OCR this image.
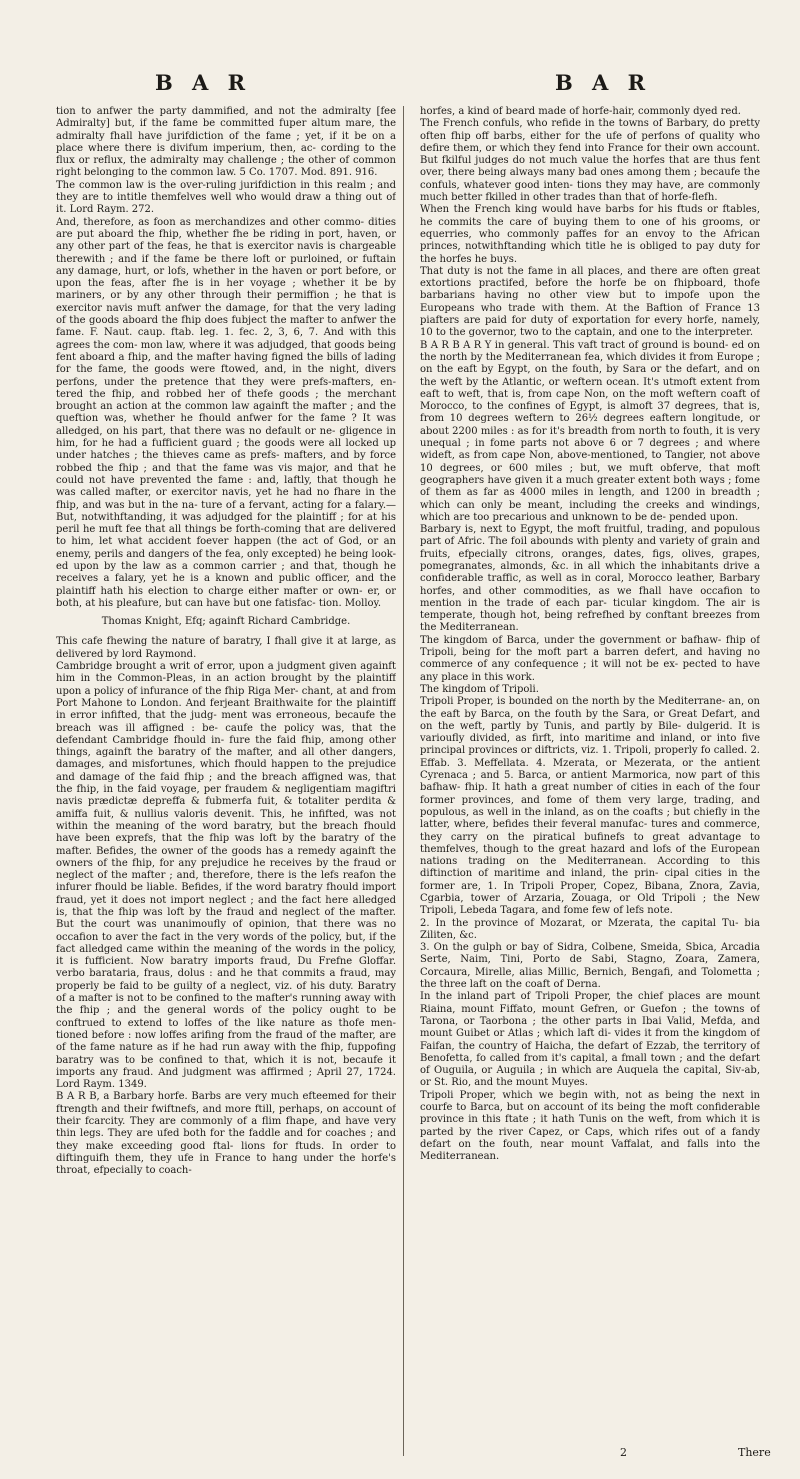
B A R	B A R

tion to anfwer the party dammified, and not the admiralty [fee Admiralty] but, if the fame be committed fuper altum mare, the admiralty fhall have jurifdiction of the fame ; yet, if it be on a place where there is divifum imperium, then, ac- cording to the flux or reflux, the admiralty may challenge ; the other of common right belonging to the common law. 5 Co. 1707. Mod. 891. 916.

The common law is the over-ruling jurifdiction in this realm ; and they are to intitle themfelves well who would draw a thing out of it. Lord Raym. 272.

And, therefore, as foon as merchandizes and other commo- dities are put aboard the fhip, whether fhe be riding in port, haven, or any other part of the feas, he that is exercitor navis is chargeable therewith ; and if the fame be there loft or purloined, or fuftain any damage, hurt, or lofs, whether in the haven or port before, or upon the feas, after fhe is in her voyage ; whether it be by mariners, or by any other through their permiffion ; he that is exercitor navis muft anfwer the damage, for that the very lading of the goods aboard the fhip does fubject the mafter to anfwer the fame. F. Naut. caup. ftab. leg. 1. fec. 2, 3, 6, 7. And with this agrees the com- mon law, where it was adjudged, that goods being fent aboard a fhip, and the mafter having figned the bills of lading for the fame, the goods were ftowed, and, in the night, divers perfons, under the pretence that they were prefs-mafters, en- tered the fhip, and robbed her of thefe goods ; the merchant brought an action at the common law againft the mafter ; and the queftion was, whether he fhould anfwer for the fame ? It was alledged, on his part, that there was no default or ne- gligence in him, for he had a fufficient guard ; the goods were all locked up under hatches ; the thieves came as prefs- mafters, and by force robbed the fhip ; and that the fame was vis major, and that he could not have prevented the fame : and, laftly, that though he was called mafter, or exercitor navis, yet he had no fhare in the fhip, and was but in the na- ture of a fervant, acting for a falary.—But, notwithftanding, it was adjudged for the plaintiff ; for at his peril he muft fee that all things be forth-coming that are delivered to him, let what accident foever happen (the act of God, or an enemy, perils and dangers of the fea, only excepted) he being look- ed upon by the law as a common carrier ; and that, though he receives a falary, yet he is a known and public officer, and the plaintiff hath his election to charge either mafter or own- er, or both, at his pleafure, but can have but one fatisfac- tion. Molloy.

Thomas Knight, Efq; againft Richard Cambridge.

This cafe fhewing the nature of baratry, I fhall give it at large, as delivered by lord Raymond.

Cambridge brought a writ of error, upon a judgment given againft him in the Common-Pleas, in an action brought by the plaintiff upon a policy of infurance of the fhip Riga Mer- chant, at and from Port Mahone to London. And ferjeant Braithwaite for the plaintiff in error infifted, that the judg- ment was erroneous, becaufe the breach was ill affigned : be- caufe the policy was, that the defendant Cambridge fhould in- fure the faid fhip, among other things, againft the baratry of the mafter, and all other dangers, damages, and misfortunes, which fhould happen to the prejudice and damage of the faid fhip ; and the breach affigned was, that the fhip, in the faid voyage, per fraudem & negligentiam magiftri navis prædictæ depreffa & fubmerfa fuit, & totaliter perdita & amiffa fuit, & nullius valoris devenit. This, he infifted, was not within the meaning of the word baratry, but the breach fhould have been exprefs, that the fhip was loft by the baratry of the mafter. Befides, the owner of the goods has a remedy againft the owners of the fhip, for any prejudice he receives by the fraud or neglect of the mafter ; and, therefore, there is the lefs reafon the infurer fhould be liable. Befides, if the word baratry fhould import fraud, yet it does not import neglect ; and the fact here alledged is, that the fhip was loft by the fraud and neglect of the mafter. But the court was unanimoufly of opinion, that there was no occafion to aver the fact in the very words of the policy, but, if the fact alledged came within the meaning of the words in the policy, it is fufficient. Now baratry imports fraud, Du Frefne Gloffar. verbo barataria, fraus, dolus : and he that commits a fraud, may properly be faid to be guilty of a neglect, viz. of his duty. Baratry of a mafter is not to be confined to the mafter's running away with the fhip ; and the general words of the policy ought to be conftrued to extend to loffes of the like nature as thofe men- tioned before : now loffes arifing from the fraud of the mafter, are of the fame nature as if he had run away with the fhip, fuppofing baratry was to be confined to that, which it is not, becaufe it imports any fraud. And judgment was affirmed ; April 27, 1724. Lord Raym. 1349.

B A R B, a Barbary horfe. Barbs are very much efteemed for their ftrength and their fwiftnefs, and more ftill, perhaps, on account of their fcarcity. They are commonly of a flim fhape, and have very thin legs. They are ufed both for the faddle and for coaches ; and they make exceeding good ftal- lions for ftuds. In order to diftinguifh them, they ufe in France to hang under the horfe's throat, efpecially to coach-

horfes, a kind of beard made of horfe-hair, commonly dyed red.

The French confuls, who refide in the towns of Barbary, do pretty often fhip off barbs, either for the ufe of perfons of quality who defire them, or which they fend into France for their own account. But fkilful judges do not much value the horfes that are thus fent over, there being always many bad ones among them ; becaufe the confuls, whatever good inten- tions they may have, are commonly much better fkilled in other trades than that of horfe-flefh.

When the French king would have barbs for his ftuds or ftables, he commits the care of buying them to one of his grooms, or equerries, who commonly paffes for an envoy to the African princes, notwithftanding which title he is obliged to pay duty for the horfes he buys.

That duty is not the fame in all places, and there are often great extortions practifed, before the horfe be on fhipboard, thofe barbarians having no other view but to impofe upon the Europeans who trade with them. At the Baftion of France 13 piafters are paid for duty of exportation for every horfe, namely, 10 to the governor, two to the captain, and one to the interpreter.

B A R B A R Y in general. This vaft tract of ground is bound- ed on the north by the Mediterranean fea, which divides it from Europe ; on the eaft by Egypt, on the fouth, by Sara or the defart, and on the weft by the Atlantic, or weftern ocean. It's utmoft extent from eaft to weft, that is, from cape Non, on the moft weftern coaft of Morocco, to the confines of Egypt, is almoft 37 degrees, that is, from 10 degrees weftern to 26½ degrees eaftern longitude, or about 2200 miles : as for it's breadth from north to fouth, it is very unequal ; in fome parts not above 6 or 7 degrees ; and where wideft, as from cape Non, above-mentioned, to Tangier, not above 10 degrees, or 600 miles ; but, we muft obferve, that moft geographers have given it a much greater extent both ways ; fome of them as far as 4000 miles in length, and 1200 in breadth ; which can only be meant, including the creeks and windings, which are too precarious and unknown to be de- pended upon.

Barbary is, next to Egypt, the moft fruitful, trading, and populous part of Afric. The foil abounds with plenty and variety of grain and fruits, efpecially citrons, oranges, dates, figs, olives, grapes, pomegranates, almonds, &c. in all which the inhabitants drive a confiderable traffic, as well as in coral, Morocco leather, Barbary horfes, and other commodities, as we fhall have occafion to mention in the trade of each par- ticular kingdom. The air is temperate, though hot, being refrefhed by conftant breezes from the Mediterranean.

The kingdom of Barca, under the government or bafhaw- fhip of Tripoli, being for the moft part a barren defert, and having no commerce of any confequence ; it will not be ex- pected to have any place in this work.

The kingdom of Tripoli.

Tripoli Proper, is bounded on the north by the Mediterrane- an, on the eaft by Barca, on the fouth by the Sara, or Great Defart, and on the weft, partly by Tunis, and partly by Bile- dulgerid. It is varioufly divided, as firft, into maritime and inland, or into five principal provinces or diftricts, viz. 1. Tripoli, properly fo called. 2. Effab. 3. Meffellata. 4. Mzerata, or Mezerata, or the antient Cyrenaca ; and 5. Barca, or antient Marmorica, now part of this bafhaw- fhip. It hath a great number of cities in each of the four former provinces, and fome of them very large, trading, and populous, as well in the inland, as on the coafts ; but chiefly in the latter, where, befides their feveral manufac- tures and commerce, they carry on the piratical bufinefs to great advantage to themfelves, though to the great hazard and lofs of the European nations trading on the Mediterranean. According to this diftinction of maritime and inland, the prin- cipal cities in the former are, 1. In Tripoli Proper, Copez, Bibana, Znora, Zavia, Cgarbia, tower of Arzaria, Zouaga, or Old Tripoli ; the New Tripoli, Lebeda Tagara, and fome few of lefs note.

2. In the province of Mozarat, or Mzerata, the capital Tu- bia Ziliten, &c.

3. On the gulph or bay of Sidra, Colbene, Smeida, Sbica, Arcadia Serte, Naim, Tini, Porto de Sabi, Stagno, Zoara, Zamera, Corcaura, Mirelle, alias Millic, Bernich, Bengafi, and Tolometta ; the three laft on the coaft of Derna.

In the inland part of Tripoli Proper, the chief places are mount Riaina, mount Fiffato, mount Gefren, or Guefon ; the towns of Tarona, or Taorbona ; the other parts in Ibai Valid, Mefda, and mount Guibet or Atlas ; which laft di- vides it from the kingdom of Faifan, the country of Haicha, the defart of Ezzab, the territory of Benofetta, fo called from it's capital, a fmall town ; and the defart of Ouguila, or Auguila ; in which are Auquela the capital, Siv-ab, or St. Rio, and the mount Muyes.

Tripoli Proper, which we begin with, not as being the next in courfe to Barca, but on account of its being the moft confiderable province in this ftate ; it hath Tunis on the weft, from which it is parted by the river Capez, or Caps, which rifes out of a fandy defart on the fouth, near mount Vaffalat, and falls into the Mediterranean.

2	There
